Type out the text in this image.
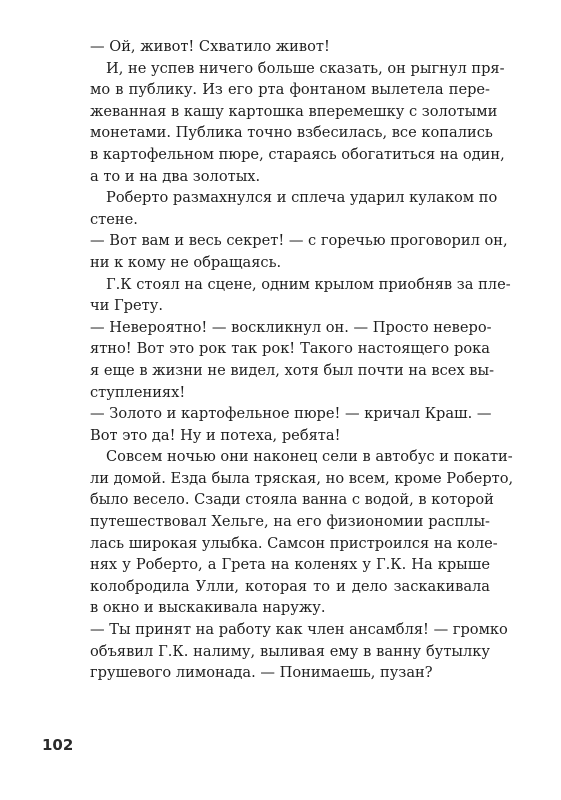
— Ой, живот! Схватило живот!
И, не успев ничего больше сказать, он рыгнул пря-
мо в публику. Из его рта фонтаном вылетела пере-
жеванная в кашу картошка вперемешку с золотыми
монетами. Публика точно взбесилась, все копались
в картофельном пюре, стараясь обогатиться на один,
а то и на два золотых.
Роберто размахнулся и сплеча ударил кулаком по
стене.
— Вот вам и весь секрет! — с горечью проговорил он,
ни к кому не обращаясь.
Г.К стоял на сцене, одним крылом приобняв за пле-
чи Грету.
— Невероятно! — воскликнул он. — Просто невеpo-
ятно! Вот это рок так рок! Такого настоящего рока
я еще в жизни не видел, хотя был почти на всех вы-
ступлениях!
— Золото и картофельное пюре! — кричал Краш. —
Вот это да! Ну и потеха, ребята!
Совсем ночью они наконец сели в автобус и покати-
ли домой. Езда была тряская, но всем, кроме Роберто,
было весело. Сзади стояла ванна с водой, в которой
путешествовал Хельге, на его физиономии расплы-
лась широкая улыбка. Самсон пристроился на коле-
нях у Роберто, а Грета на коленях у Г.К. На крыше
колобродила Улли, которая то и дело заскакивала
в окно и выскакивала наружу.
— Ты принят на работу как член ансамбля! — громко
объявил Г.К. налиму, выливая ему в ванну бутылку
грушевого лимонада. — Понимаешь, пузан?
102
